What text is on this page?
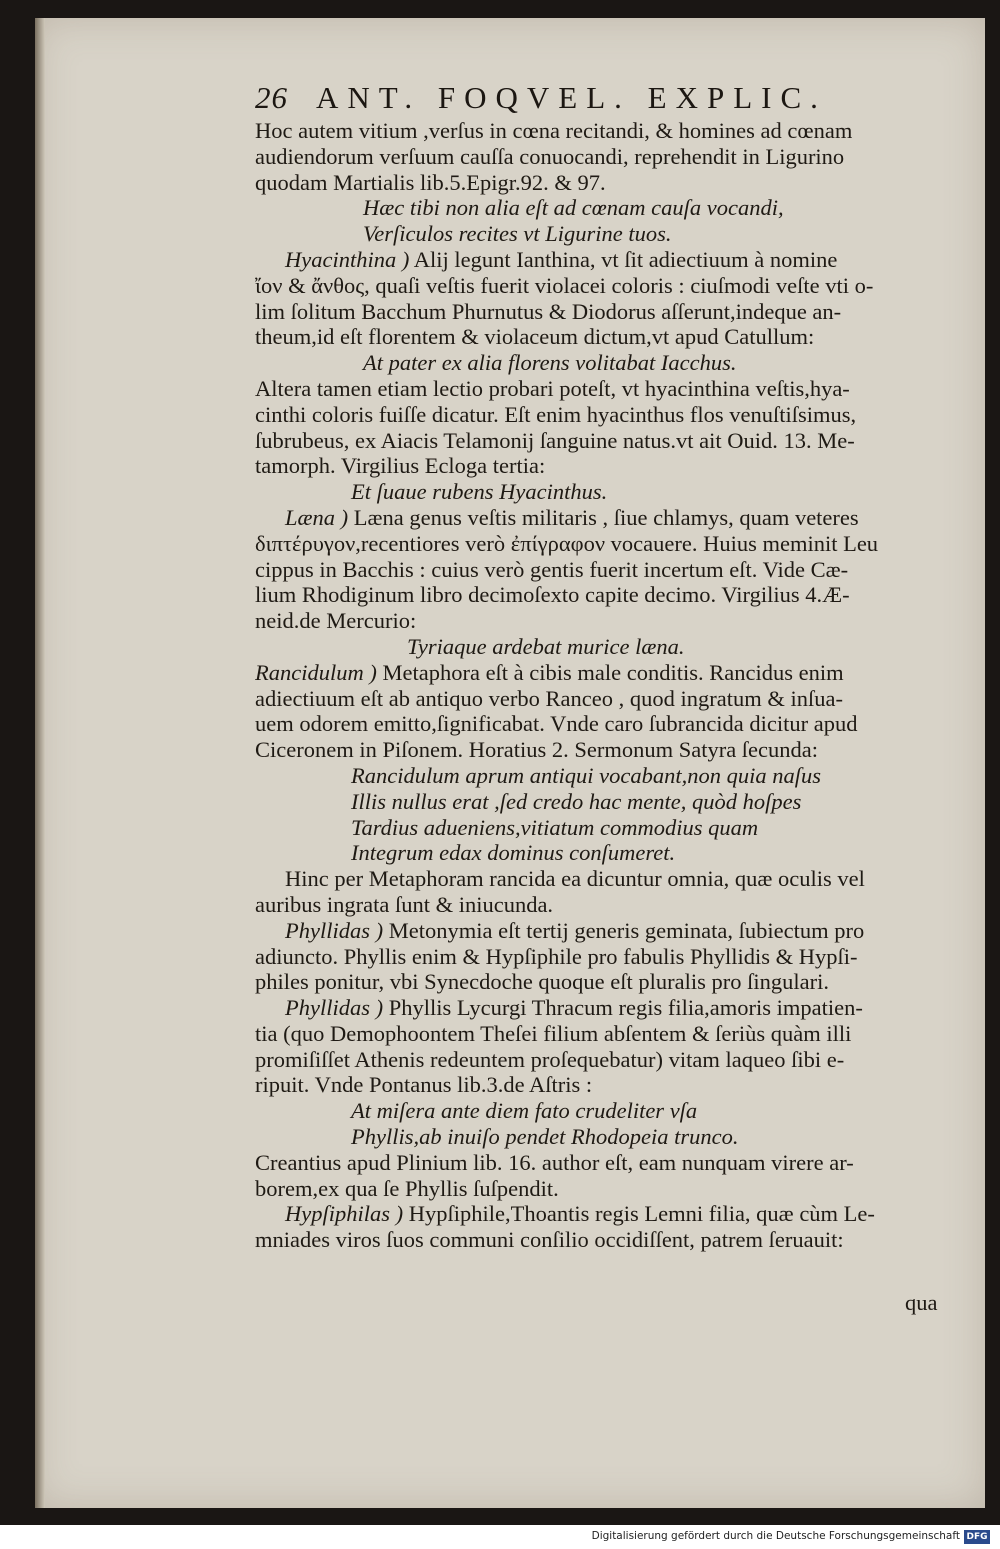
26 ANT. FOQVEL. EXPLIC.
Hoc autem vitium ,verſus in cœna recitandi, & homines ad cœnam
audiendorum verſuum cauſſa conuocandi, reprehendit in Ligurino
quodam Martialis lib.5.Epigr.92. & 97.
Hæc tibi non alia eſt ad cœnam cauſa vocandi,
Verſiculos recites vt Ligurine tuos.
Hyacinthina ) Alij legunt Ianthina, vt ſit adiectiuum à nomine
ἴον & ἄνθος, quaſi veſtis fuerit violacei coloris : ciuſmodi veſte vti o-
lim ſolitum Bacchum Phurnutus & Diodorus aſſerunt,indeque an-
theum,id eſt florentem & violaceum dictum,vt apud Catullum:
At pater ex alia florens volitabat Iacchus.
Altera tamen etiam lectio probari poteſt, vt hyacinthina veſtis,hya-
cinthi coloris fuiſſe dicatur. Eſt enim hyacinthus flos venuſtiſsimus,
ſubrubeus, ex Aiacis Telamonij ſanguine natus.vt ait Ouid. 13. Me-
tamorph. Virgilius Ecloga tertia:
Et ſuaue rubens Hyacinthus.
Læna ) Læna genus veſtis militaris , ſiue chlamys, quam veteres
διπτέρυγον,recentiores verò ἐπίγραφον vocauere. Huius meminit Leu
cippus in Bacchis : cuius verò gentis fuerit incertum eſt. Vide Cæ-
lium Rhodiginum libro decimoſexto capite decimo. Virgilius 4.Æ-
neid.de Mercurio:
Tyriaque ardebat murice læna.
Rancidulum ) Metaphora eſt à cibis male conditis. Rancidus enim
adiectiuum eſt ab antiquo verbo Ranceo , quod ingratum & inſua-
uem odorem emitto,ſignificabat. Vnde caro ſubrancida dicitur apud
Ciceronem in Piſonem. Horatius 2. Sermonum Satyra ſecunda:
Rancidulum aprum antiqui vocabant,non quia naſus
Illis nullus erat ,ſed credo hac mente, quòd hoſpes
Tardius adueniens,vitiatum commodius quam
Integrum edax dominus conſumeret.
Hinc per Metaphoram rancida ea dicuntur omnia, quæ oculis vel
auribus ingrata ſunt & iniucunda.
Phyllidas ) Metonymia eſt tertij generis geminata, ſubiectum pro
adiuncto. Phyllis enim & Hypſiphile pro fabulis Phyllidis & Hypſi-
philes ponitur, vbi Synecdoche quoque eſt pluralis pro ſingulari.
Phyllidas ) Phyllis Lycurgi Thracum regis filia,amoris impatien-
tia (quo Demophoontem Theſei filium abſentem & ſeriùs quàm illi
promiſiſſet Athenis redeuntem proſequebatur) vitam laqueo ſibi e-
ripuit. Vnde Pontanus lib.3.de Aſtris :
At miſera ante diem fato crudeliter vſa
Phyllis,ab inuiſo pendet Rhodopeia trunco.
Creantius apud Plinium lib. 16. author eſt, eam nunquam virere ar-
borem,ex qua ſe Phyllis ſuſpendit.
Hypſiphilas ) Hypſiphile,Thoantis regis Lemni filia, quæ cùm Le-
mniades viros ſuos communi conſilio occidiſſent, patrem ſeruauit:
qua
Digitalisierung gefördert durch die Deutsche Forschungsgemeinschaft DFG
